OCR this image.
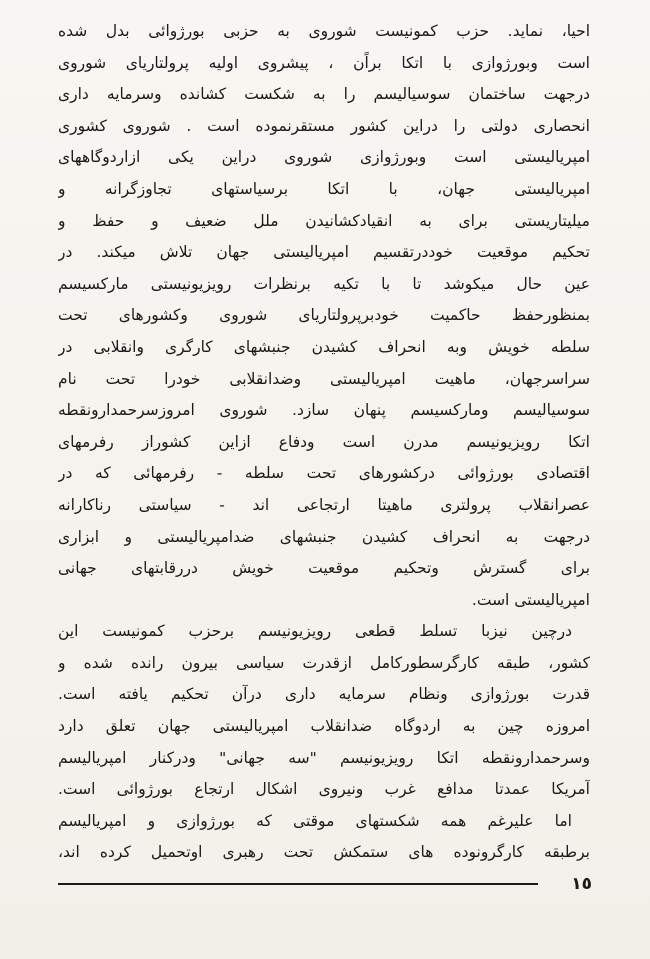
احیا، نماید. حزب کمونیست شوروی به حزبی بورژوائی بدل شده
است وبورژوازی با اتکا براًن ، پیشروی اولیه پرولتاریای شوروی
درجهت ساختمان سوسیالیسم را به شکست کشانده وسرمایه داری
انحصاری دولتی را دراین کشور مستقرنموده است . شوروی کشوری
امپریالیستی است وبورژوازی شوروی دراین یکی ازاردوگاههای
امپریالیستی جهان، با اتکا برسیاستهای تجاوزگرانه و
میلیتاریستی برای به انقیادکشانیدن ملل ضعیف و حفظ و
تحکیم موقعیت خوددرتقسیم امپریالیستی جهان تلاش میکند. در
عین حال میکوشد تا با تکیه برنظرات رویزیونیستی مارکسیسم
بمنظورحفظ حاکمیت خودبرپرولتاریای شوروی وکشورهای تحت
سلطه خویش وبه انحراف کشیدن جنبشهای کارگری وانقلابی در
سراسرجهان، ماهیت امپریالیستی وضدانقلابی خودرا تحت نام
سوسیالیسم ومارکسیسم پنهان سازد. شوروی امروزسرحمدارونقطه
اتکا رویزیونیسم مدرن است ودفاع ازاین کشوراز رفرمهای
اقتصادی بورژوائی درکشورهای تحت سلطه - رفرمهائی که در
عصرانقلاب پرولتری ماهیتا ارتجاعی اند - سیاستی رناکارانه
درجهت به انحراف کشیدن جنبشهای ضدامپریالیستی و ابزاری
برای گسترش وتحکیم موقعیت خویش دررقابتهای جهانی
امپریالیستی است.

درچین نیزبا تسلط قطعی رویزیونیسم برحزب کمونیست این
کشور، طبقه کارگرسطورکامل ازقدرت سیاسی بیرون رانده شده و
قدرت بورژوازی ونظام سرمایه داری درآن تحکیم یافته است.
امروزه چین به اردوگاه ضدانقلاب امپریالیستی جهان تعلق دارد
وسرحمدارونقطه اتکا رویزیونیسم "سه جهانی" ودرکنار امپریالیسم
آمریکا عمدتا مدافع غرب ونیروی اشکال ارتجاع بورژوائی است.

اما علیرغم همه شکستهای موقتی که بورژوازی و امپریالیسم
برطبقه کارگرونوده های ستمکش تحت رهبری اوتحمیل کرده اند،

١٥
